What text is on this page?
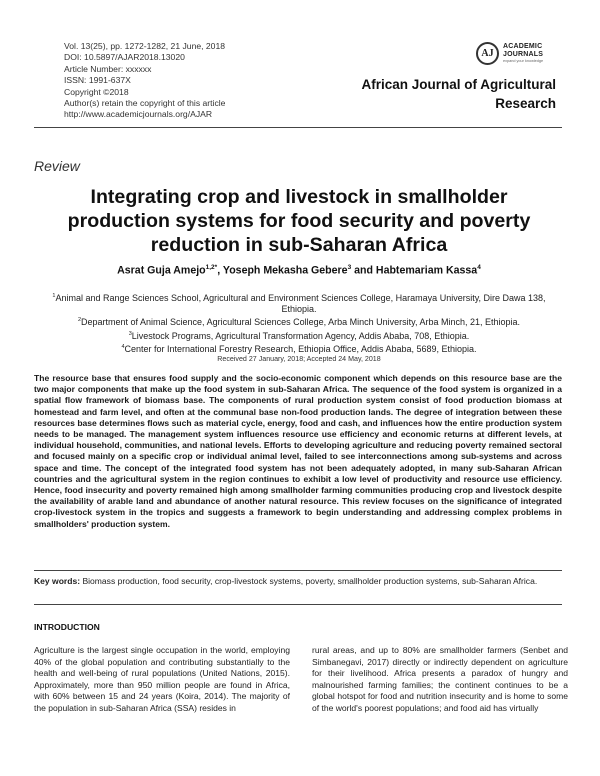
Vol. 13(25), pp. 1272-1282, 21 June, 2018
DOI: 10.5897/AJAR2018.13020
Article Number: xxxxxx
ISSN: 1991-637X
Copyright ©2018
Author(s) retain the copyright of this article
http://www.academicjournals.org/AJAR
AJ
ACADEMIC
JOURNALS
expand your knowledge
African Journal of Agricultural
Research
Review
Integrating crop and livestock in smallholder production systems for food security and poverty reduction in sub-Saharan Africa
Asrat Guja Amejo$^{1,2*}$, Yoseph Mekasha Gebere$^3$ and Habtemariam Kassa$^4$
$^1$Animal and Range Sciences School, Agricultural and Environment Sciences College, Haramaya University, Dire Dawa 138, Ethiopia.
$^2$Department of Animal Science, Agricultural Sciences College, Arba Minch University, Arba Minch, 21, Ethiopia.
$^3$Livestock Programs, Agricultural Transformation Agency, Addis Ababa, 708, Ethiopia.
$^4$Center for International Forestry Research, Ethiopia Office, Addis Ababa, 5689, Ethiopia.
Received 27 January, 2018; Accepted 24 May, 2018
The resource base that ensures food supply and the socio-economic component which depends on this resource base are the two major components that make up the food system in sub-Saharan Africa. The sequence of the food system is organized in a spatial flow framework of biomass base. The components of rural production system consist of food production biomass at homestead and farm level, and often at the communal base non-food production lands. The degree of integration between these resources base determines flows such as material cycle, energy, food and cash, and influences how the entire production system needs to be managed. The management system influences resource use efficiency and economic returns at different levels, at individual household, communities, and national levels. Efforts to developing agriculture and reducing poverty remained sectoral and focused mainly on a specific crop or individual animal level, failed to see interconnections among sub-systems and across space and time. The concept of the integrated food system has not been adequately adopted, in many sub-Saharan African countries and the agricultural system in the region continues to exhibit a low level of productivity and resource use efficiency. Hence, food insecurity and poverty remained high among smallholder farming communities producing crop and livestock despite the availability of arable land and abundance of another natural resource. This review focuses on the significance of integrated crop-livestock system in the tropics and suggests a framework to begin understanding and addressing complex problems in smallholders' production system.
Key words: Biomass production, food security, crop-livestock systems, poverty, smallholder production systems, sub-Saharan Africa.
INTRODUCTION
Agriculture is the largest single occupation in the world, employing 40% of the global population and contributing substantially to the health and well-being of rural populations (United Nations, 2015). Approximately, more than 950 million people are found in Africa, with 60% between 15 and 24 years (Koira, 2014). The majority of the population in sub-Saharan Africa (SSA) resides in
rural areas, and up to 80% are smallholder farmers (Senbet and Simbanegavi, 2017) directly or indirectly dependent on agriculture for their livelihood. Africa presents a paradox of hungry and malnourished farming families; the continent continues to be a global hotspot for food and nutrition insecurity and is home to some of the world's poorest populations; and food aid has virtually
